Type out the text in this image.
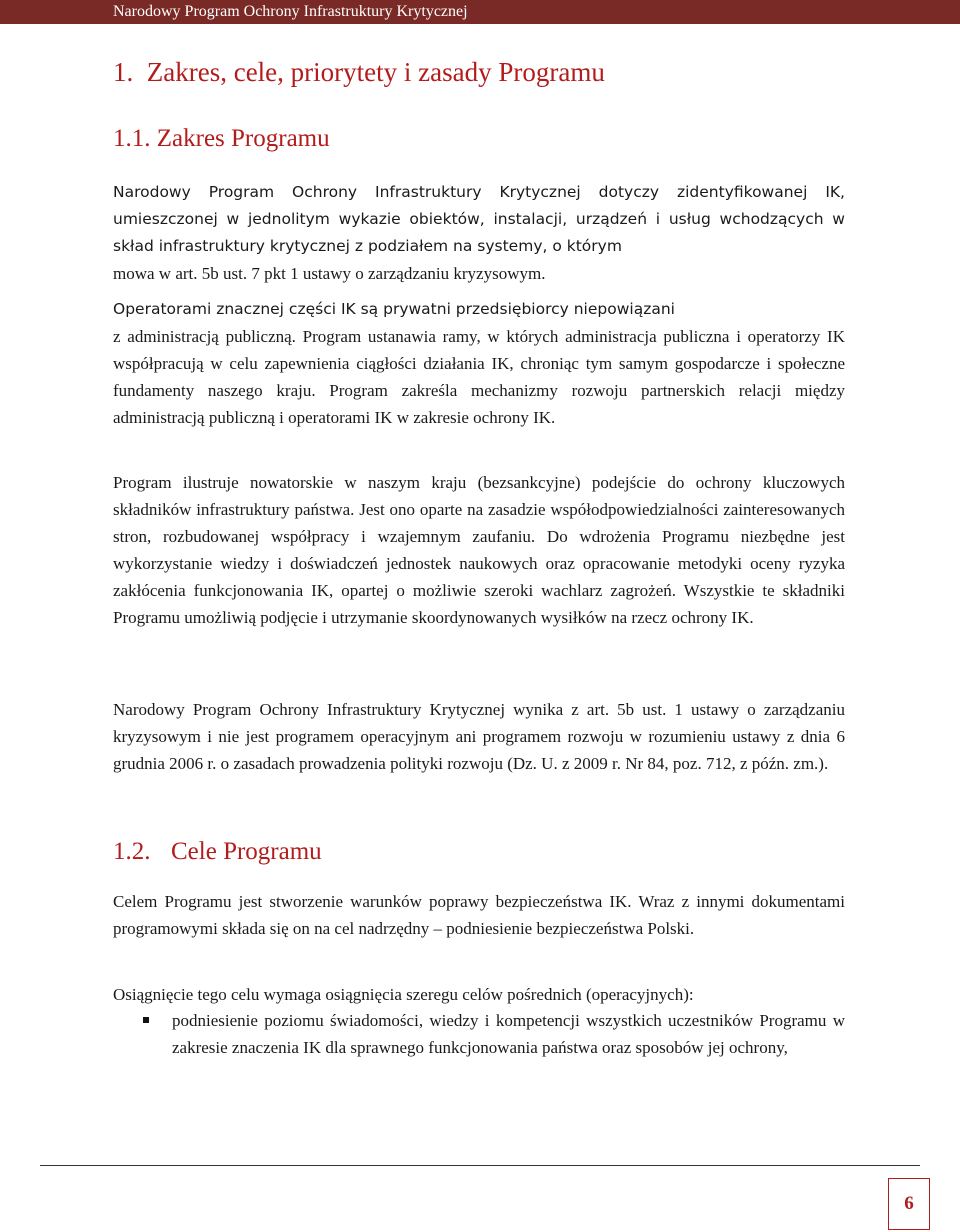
Narodowy Program Ochrony Infrastruktury Krytycznej
1.  Zakres, cele, priorytety i zasady Programu
1.1. Zakres Programu

Narodowy Program Ochrony Infrastruktury Krytycznej dotyczy zidentyfikowanej IK, umieszczonej w jednolitym wykazie obiektów, instalacji, urządzeń i usług wchodzących w skład infrastruktury krytycznej z podziałem na systemy, o którym

mowa w art. 5b ust. 7 pkt 1 ustawy o zarządzaniu kryzysowym.

Operatorami znacznej części IK są prywatni przedsiębiorcy niepowiązani

z administracją publiczną. Program ustanawia ramy, w których administracja publiczna i operatorzy IK współpracują w celu zapewnienia ciągłości działania IK, chroniąc tym samym gospodarcze i społeczne fundamenty naszego kraju. Program zakreśla mechanizmy rozwoju partnerskich relacji między administracją publiczną i operatorami IK w zakresie ochrony IK.

Program ilustruje nowatorskie w naszym kraju (bezsankcyjne) podejście do ochrony kluczowych składników infrastruktury państwa. Jest ono oparte na zasadzie współodpowiedzialności zainteresowanych stron, rozbudowanej współpracy i wzajemnym zaufaniu. Do wdrożenia Programu niezbędne jest wykorzystanie wiedzy i doświadczeń jednostek naukowych oraz opracowanie metodyki oceny ryzyka zakłócenia funkcjonowania IK, opartej o możliwie szeroki wachlarz zagrożeń. Wszystkie te składniki Programu umożliwią podjęcie i utrzymanie skoordynowanych wysiłków na rzecz ochrony IK.

Narodowy Program Ochrony Infrastruktury Krytycznej wynika z art. 5b ust. 1 ustawy o zarządzaniu kryzysowym i nie jest programem operacyjnym ani programem rozwoju w rozumieniu ustawy z dnia 6 grudnia 2006 r. o zasadach prowadzenia polityki rozwoju (Dz. U. z 2009 r. Nr 84, poz. 712, z późn. zm.).

1.2. Cele Programu

Celem Programu jest stworzenie warunków poprawy bezpieczeństwa IK. Wraz z innymi dokumentami programowymi składa się on na cel nadrzędny – podniesienie bezpieczeństwa Polski.

Osiągnięcie tego celu wymaga osiągnięcia szeregu celów pośrednich (operacyjnych):

podniesienie poziomu świadomości, wiedzy i kompetencji wszystkich uczestników Programu w zakresie znaczenia IK dla sprawnego funkcjonowania państwa oraz sposobów jej ochrony,
6
